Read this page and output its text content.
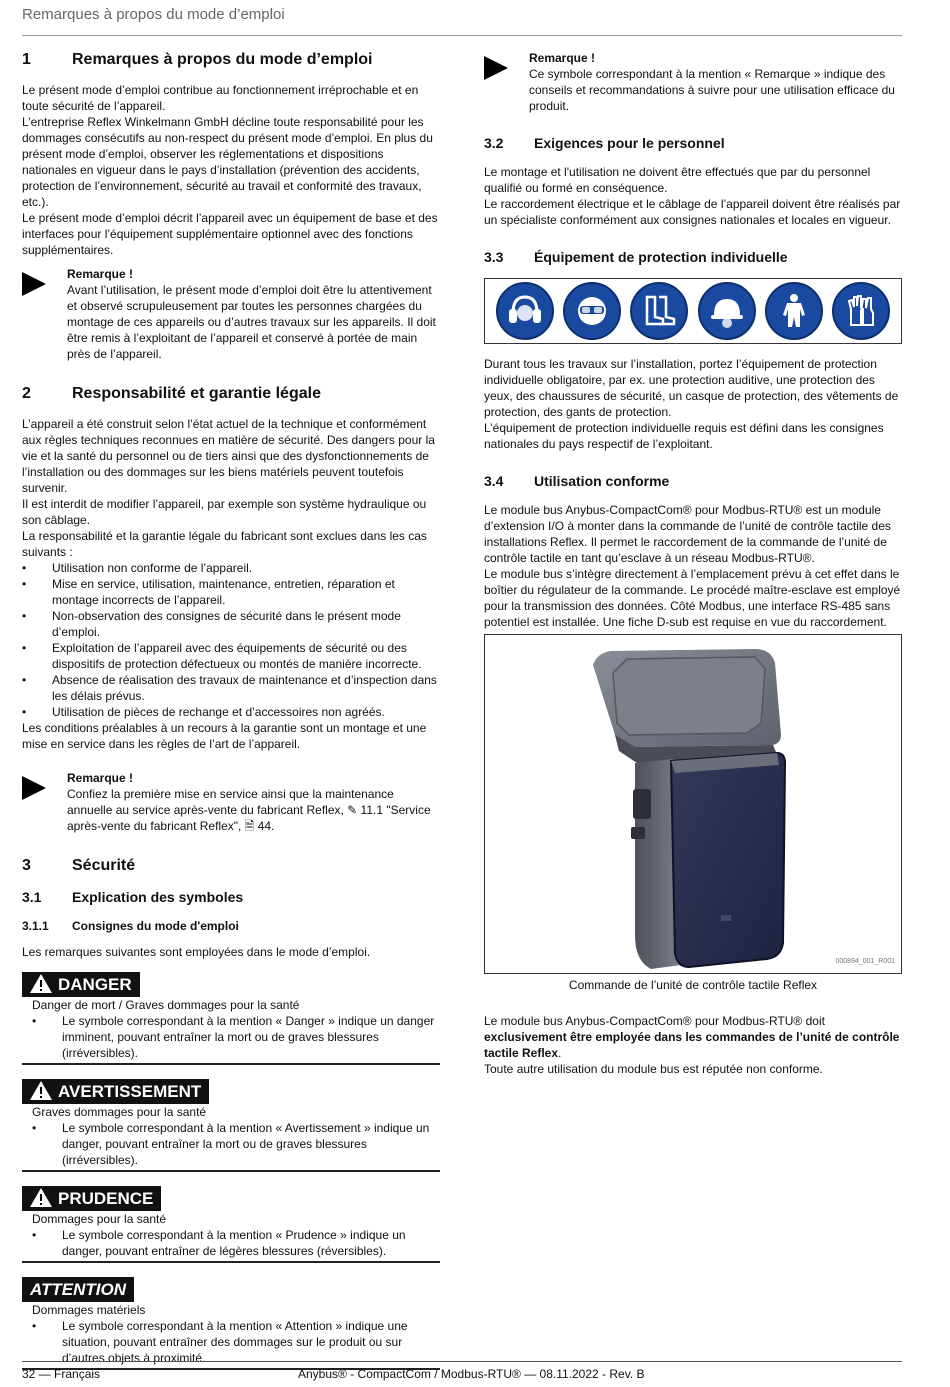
Remarques à propos du mode d’emploi
1	Remarques à propos du mode d’emploi

Le présent mode d’emploi contribue au fonctionnement irréprochable et en toute sécurité de l’appareil.

L’entreprise Reflex Winkelmann GmbH décline toute responsabilité pour les dommages consécutifs au non-respect du présent mode d’emploi. En plus du présent mode d’emploi, observer les réglementations et dispositions nationales en vigueur dans le pays d’installation (prévention des accidents, protection de l’environnement, sécurité au travail et conformité des travaux, etc.).

Le présent mode d’emploi décrit l’appareil avec un équipement de base et des interfaces pour l’équipement supplémentaire optionnel avec des fonctions supplémentaires.

Remarque !
Avant l’utilisation, le présent mode d’emploi doit être lu attentivement et observé scrupuleusement par toutes les personnes chargées du montage de ces appareils ou d’autres travaux sur les appareils. Il doit être remis à l’exploitant de l’appareil et conservé à portée de main près de l’appareil.
2	Responsabilité et garantie légale

L’appareil a été construit selon l’état actuel de la technique et conformément aux règles techniques reconnues en matière de sécurité. Des dangers pour la vie et la santé du personnel ou de tiers ainsi que des dysfonctionnements de l’installation ou des dommages sur les biens matériels peuvent toutefois survenir.

Il est interdit de modifier l’appareil, par exemple son système hydraulique ou son câblage.

La responsabilité et la garantie légale du fabricant sont exclues dans les cas suivants :

• Utilisation non conforme de l’appareil.
• Mise en service, utilisation, maintenance, entretien, réparation et montage incorrects de l’appareil.
• Non-observation des consignes de sécurité dans le présent mode d’emploi.
• Exploitation de l’appareil avec des équipements de sécurité ou des dispositifs de protection défectueux ou montés de manière incorrecte.
• Absence de réalisation des travaux de maintenance et d’inspection dans les délais prévus.
• Utilisation de pièces de rechange et d’accessoires non agréés.

Les conditions préalables à un recours à la garantie sont un montage et une mise en service dans les règles de l’art de l’appareil.

Remarque !
Confiez la première mise en service ainsi que la maintenance annuelle au service après-vente du fabricant Reflex, ✎ 11.1 "Service après-vente du fabricant Reflex", 🗎 44.
3	Sécurité
3.1	Explication des symboles
3.1.1	Consignes du mode d'emploi

Les remarques suivantes sont employées dans le mode d’emploi.

DANGER
Danger de mort / Graves dommages pour la santé
• Le symbole correspondant à la mention « Danger » indique un danger imminent, pouvant entraîner la mort ou de graves blessures (irréversibles).
AVERTISSEMENT
Graves dommages pour la santé
• Le symbole correspondant à la mention « Avertissement » indique un danger, pouvant entraîner la mort ou de graves blessures (irréversibles).
PRUDENCE
Dommages pour la santé
• Le symbole correspondant à la mention « Prudence » indique un danger, pouvant entraîner de légères blessures (réversibles).
ATTENTION
Dommages matériels
• Le symbole correspondant à la mention « Attention » indique une situation, pouvant entraîner des dommages sur le produit ou sur d’autres objets à proximité.
Remarque !
Ce symbole correspondant à la mention « Remarque » indique des conseils et recommandations à suivre pour une utilisation efficace du produit.
3.2	Exigences pour le personnel

Le montage et l'utilisation ne doivent être effectués que par du personnel qualifié ou formé en conséquence.

Le raccordement électrique et le câblage de l’appareil doivent être réalisés par un spécialiste conformément aux consignes nationales et locales en vigueur.

3.3	Équipement de protection individuelle

Durant tous les travaux sur l’installation, portez l’équipement de protection individuelle obligatoire, par ex. une protection auditive, une protection des yeux, des chaussures de sécurité, un casque de protection, des vêtements de protection, des gants de protection.

L’équipement de protection individuelle requis est défini dans les consignes nationales du pays respectif de l’exploitant.

3.4	Utilisation conforme

Le module bus Anybus-CompactCom® pour Modbus-RTU® est un module d’extension I/O à monter dans la commande de l’unité de contrôle tactile des installations Reflex. Il permet le raccordement de la commande de l’unité de contrôle tactile en tant qu’esclave à un réseau Modbus-RTU®.

Le module bus s’intègre directement à l’emplacement prévu à cet effet dans le boîtier du régulateur de la commande. Le procédé maître-esclave est employé pour la transmission des données. Côté Modbus, une interface RS-485 sans potentiel est installée. Une fiche D-sub est requise en vue du raccordement.

000894_001_R001
Commande de l’unité de contrôle tactile Reflex

Le module bus Anybus-CompactCom® pour Modbus-RTU® doit exclusivement être employée dans les commandes de l’unité de contrôle tactile Reflex.

Toute autre utilisation du module bus est réputée non conforme.

32 — Français	Anybus® - CompactCom / Modbus-RTU® — 08.11.2022 - Rev. B
